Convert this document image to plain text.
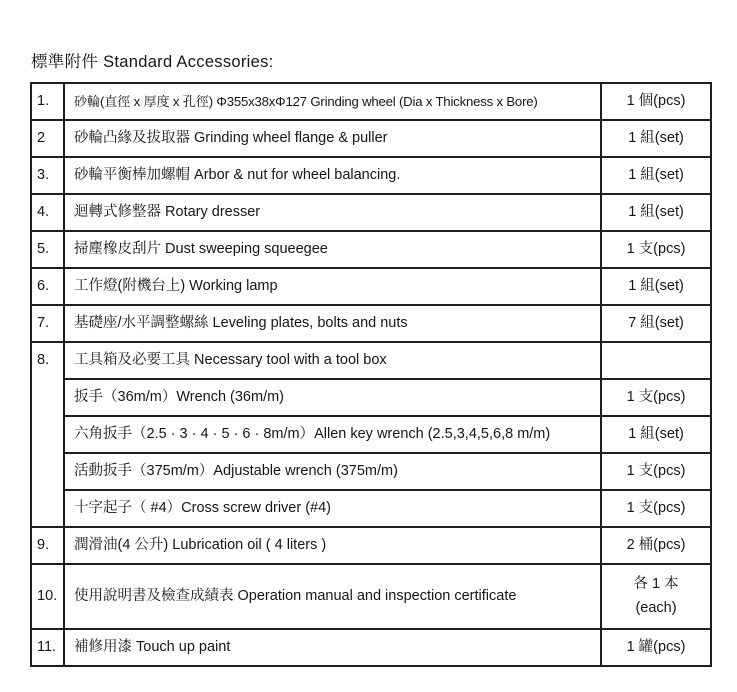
標準附件 Standard Accessories:
1.	砂輪(直徑 x 厚度 x 孔徑) Φ355x38xΦ127 Grinding wheel (Dia x Thickness x Bore)	1 個(pcs)
2	砂輪凸緣及拔取器 Grinding wheel flange & puller	1 組(set)
3.	砂輪平衡棒加螺帽 Arbor & nut for wheel balancing.	1 組(set)
4.	迴轉式修整器 Rotary dresser	1 組(set)
5.	掃塵橡皮刮片 Dust sweeping squeegee	1 支(pcs)
6.	工作燈(附機台上) Working lamp	1 組(set)
7.	基礎座/水平調整螺絲 Leveling plates, bolts and nuts	7 組(set)
8.	工具箱及必要工具 Necessary tool with a tool box	
	扳手（36m/m）Wrench (36m/m)	1 支(pcs)
	六角扳手（2.5 · 3 · 4 · 5 · 6 · 8m/m）Allen key wrench (2.5,3,4,5,6,8 m/m)	1 組(set)
	活動扳手（375m/m）Adjustable wrench (375m/m)	1 支(pcs)
	十字起子（ #4）Cross screw driver (#4)	1 支(pcs)
9.	潤滑油(4 公升) Lubrication oil ( 4 liters )	2 桶(pcs)
10.	使用說明書及檢查成績表 Operation manual and inspection certificate	各 1 本
(each)

11.	補修用漆 Touch up paint	1 罐(pcs)
